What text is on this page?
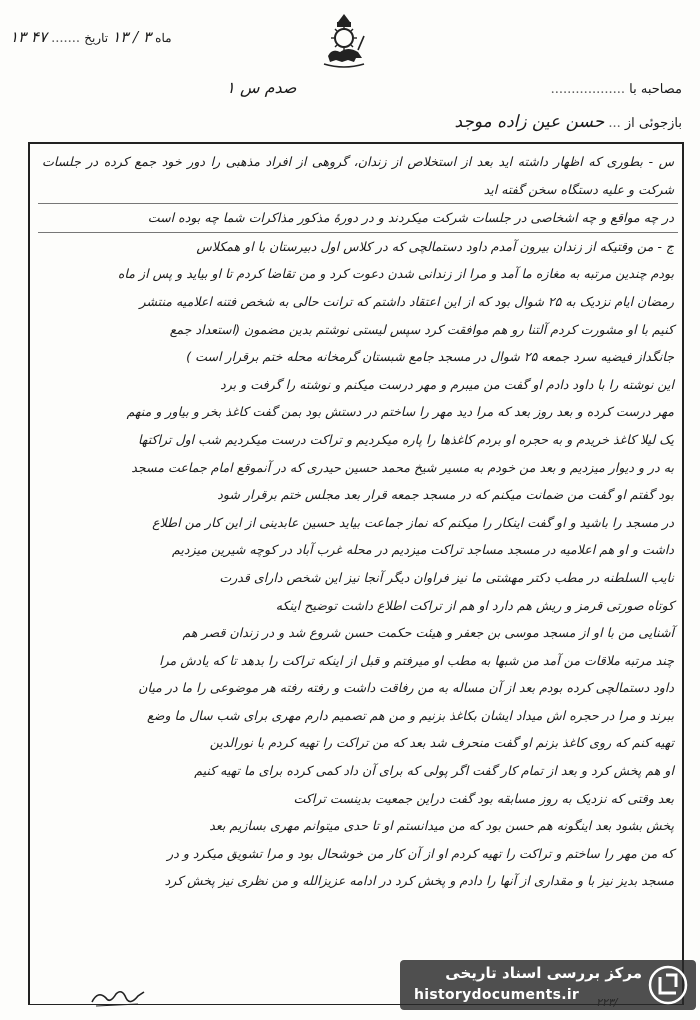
۱۳ ۴۷ .......	ماه ۳ / ۱۳ تاریخ
مصاحبه با .................. صدم س ۱
بازجوئی از ... حسن عین زاده موجد

س - بطوری که اظهار داشته اید بعد از استخلاص از زندان، گروهی از افراد مذهبی را دور خود جمع کرده در جلسات شرکت و علیه دستگاه سخن گفته اید

در چه مواقع و چه اشخاصی در جلسات شرکت میکردند و در دورهٔ مذکور مذاکرات شما چه بوده است

ج - من وقتیکه از زندان بیرون آمدم داود دستمالچی که در کلاس اول دبیرستان با او همکلاس

بودم چندین مرتبه به مغازه ما آمد و مرا از زندانی شدن دعوت کرد و من تقاضا کردم تا او بیاید و پس از ماه

رمضان ایام نزدیک به ۲۵ شوال بود که از این اعتقاد داشتم که ترانت حالی به شخص فتنه اعلامیه منتشر

کنیم با او مشورت کردم آلتنا رو هم موافقت کرد سپس لیستی نوشتم بدین مضمون (استعداد جمع

جانگداز فیضیه سرد جمعه ۲۵ شوال در مسجد جامع شبستان گرمخانه محله ختم برقرار است )

این نوشته را با داود دادم او گفت من میبرم و مهر درست میکنم و نوشته را گرفت و برد

مهر درست کرده و بعد روز بعد که مرا دید مهر را ساختم در دستش بود بمن گفت کاغذ بخر و بیاور و منهم

یک لیلا کاغذ خریدم و به حجره او بردم کاغذها را پاره میکردیم و تراکت درست میکردیم شب اول تراکتها

به در و دیوار میزدیم و بعد من خودم به مسیر شیخ محمد حسین حیدری که در آنموقع امام جماعت مسجد

بود گفتم او گفت من ضمانت میکنم که در مسجد جمعه قرار بعد مجلس ختم برقرار شود

در مسجد را باشید و او گفت اینکار را میکنم که نماز جماعت بیاید حسین عابدینی از این کار من اطلاع

داشت و او هم اعلامیه در مسجد مساجد تراکت میزدیم در محله غرب آباد در کوچه شیرین میزدیم

نایب السلطنه در مطب دکتر مهشتی ما نیز فراوان دیگر آنجا نیز این شخص دارای قدرت

کوتاه صورتی قرمز و ریش هم دارد او هم از تراکت اطلاع داشت توضیح اینکه

آشنایی من با او از مسجد موسی بن جعفر و هیئت حکمت حسن شروع شد و در زندان قصر هم

چند مرتبه ملاقات من آمد من شبها به مطب او میرفتم و قبل از اینکه تراکت را بدهد تا که یادش مرا

داود دستمالچی کرده بودم بعد از آن مساله به من رفاقت داشت و رفته رفته هر موضوعی را ما در میان

ببرند و مرا در حجره اش میداد ایشان بکاغذ بزنیم و من هم تصمیم دارم مهری برای شب سال ما وضع

تهیه کنم که روی کاغذ بزنم او گفت منحرف شد بعد که من تراکت را تهیه کردم با نورالدین

او هم پخش کرد و بعد از تمام کار گفت اگر پولی که برای آن داد کمی کرده برای ما تهیه کنیم

بعد وقتی که نزدیک به روز مسابقه بود گفت دراین جمعیت بدینست تراکت

پخش بشود بعد اینگونه هم حسن بود که من میدانستم او تا حدی میتوانم مهری بسازیم بعد

که من مهر را ساختم و تراکت را تهیه کردم او از آن کار من خوشحال بود و مرا تشویق میکرد و در

مسجد بدیز نیز با و مقداری از آنها را دادم و پخش کرد در ادامه عزیزالله و من نظری نیز پخش کرد

مرکز بررسی اسناد تاریخی
historydocuments.ir
